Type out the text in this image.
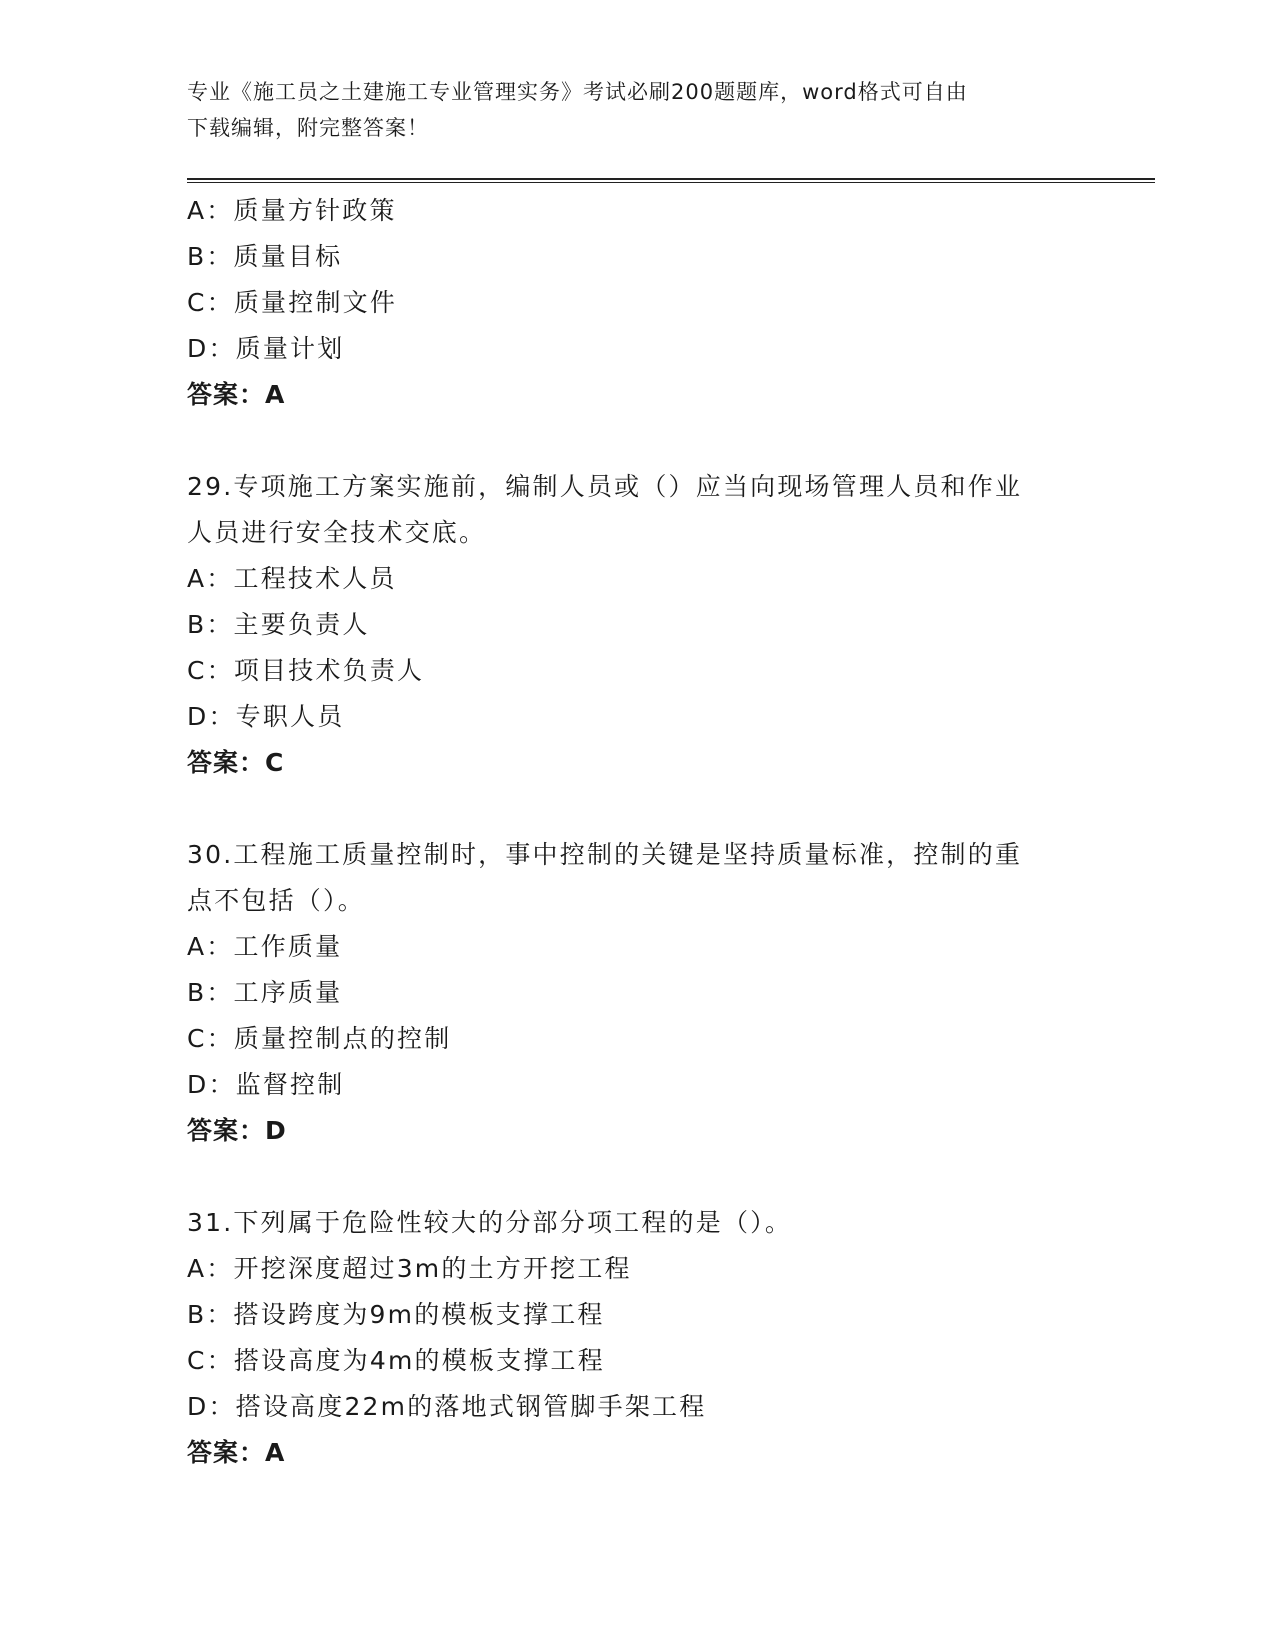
专业《施工员之土建施工专业管理实务》考试必刷200题题库，word格式可自由
下载编辑，附完整答案！
A：质量方针政策
B：质量目标
C：质量控制文件
D：质量计划
答案：A
29.专项施工方案实施前，编制人员或（）应当向现场管理人员和作业
人员进行安全技术交底。
A：工程技术人员
B：主要负责人
C：项目技术负责人
D：专职人员
答案：C
30.工程施工质量控制时，事中控制的关键是坚持质量标准，控制的重
点不包括（）。
A：工作质量
B：工序质量
C：质量控制点的控制
D：监督控制
答案：D
31.下列属于危险性较大的分部分项工程的是（）。
A：开挖深度超过3m的土方开挖工程
B：搭设跨度为9m的模板支撑工程
C：搭设高度为4m的模板支撑工程
D：搭设高度22m的落地式钢管脚手架工程
答案：A
